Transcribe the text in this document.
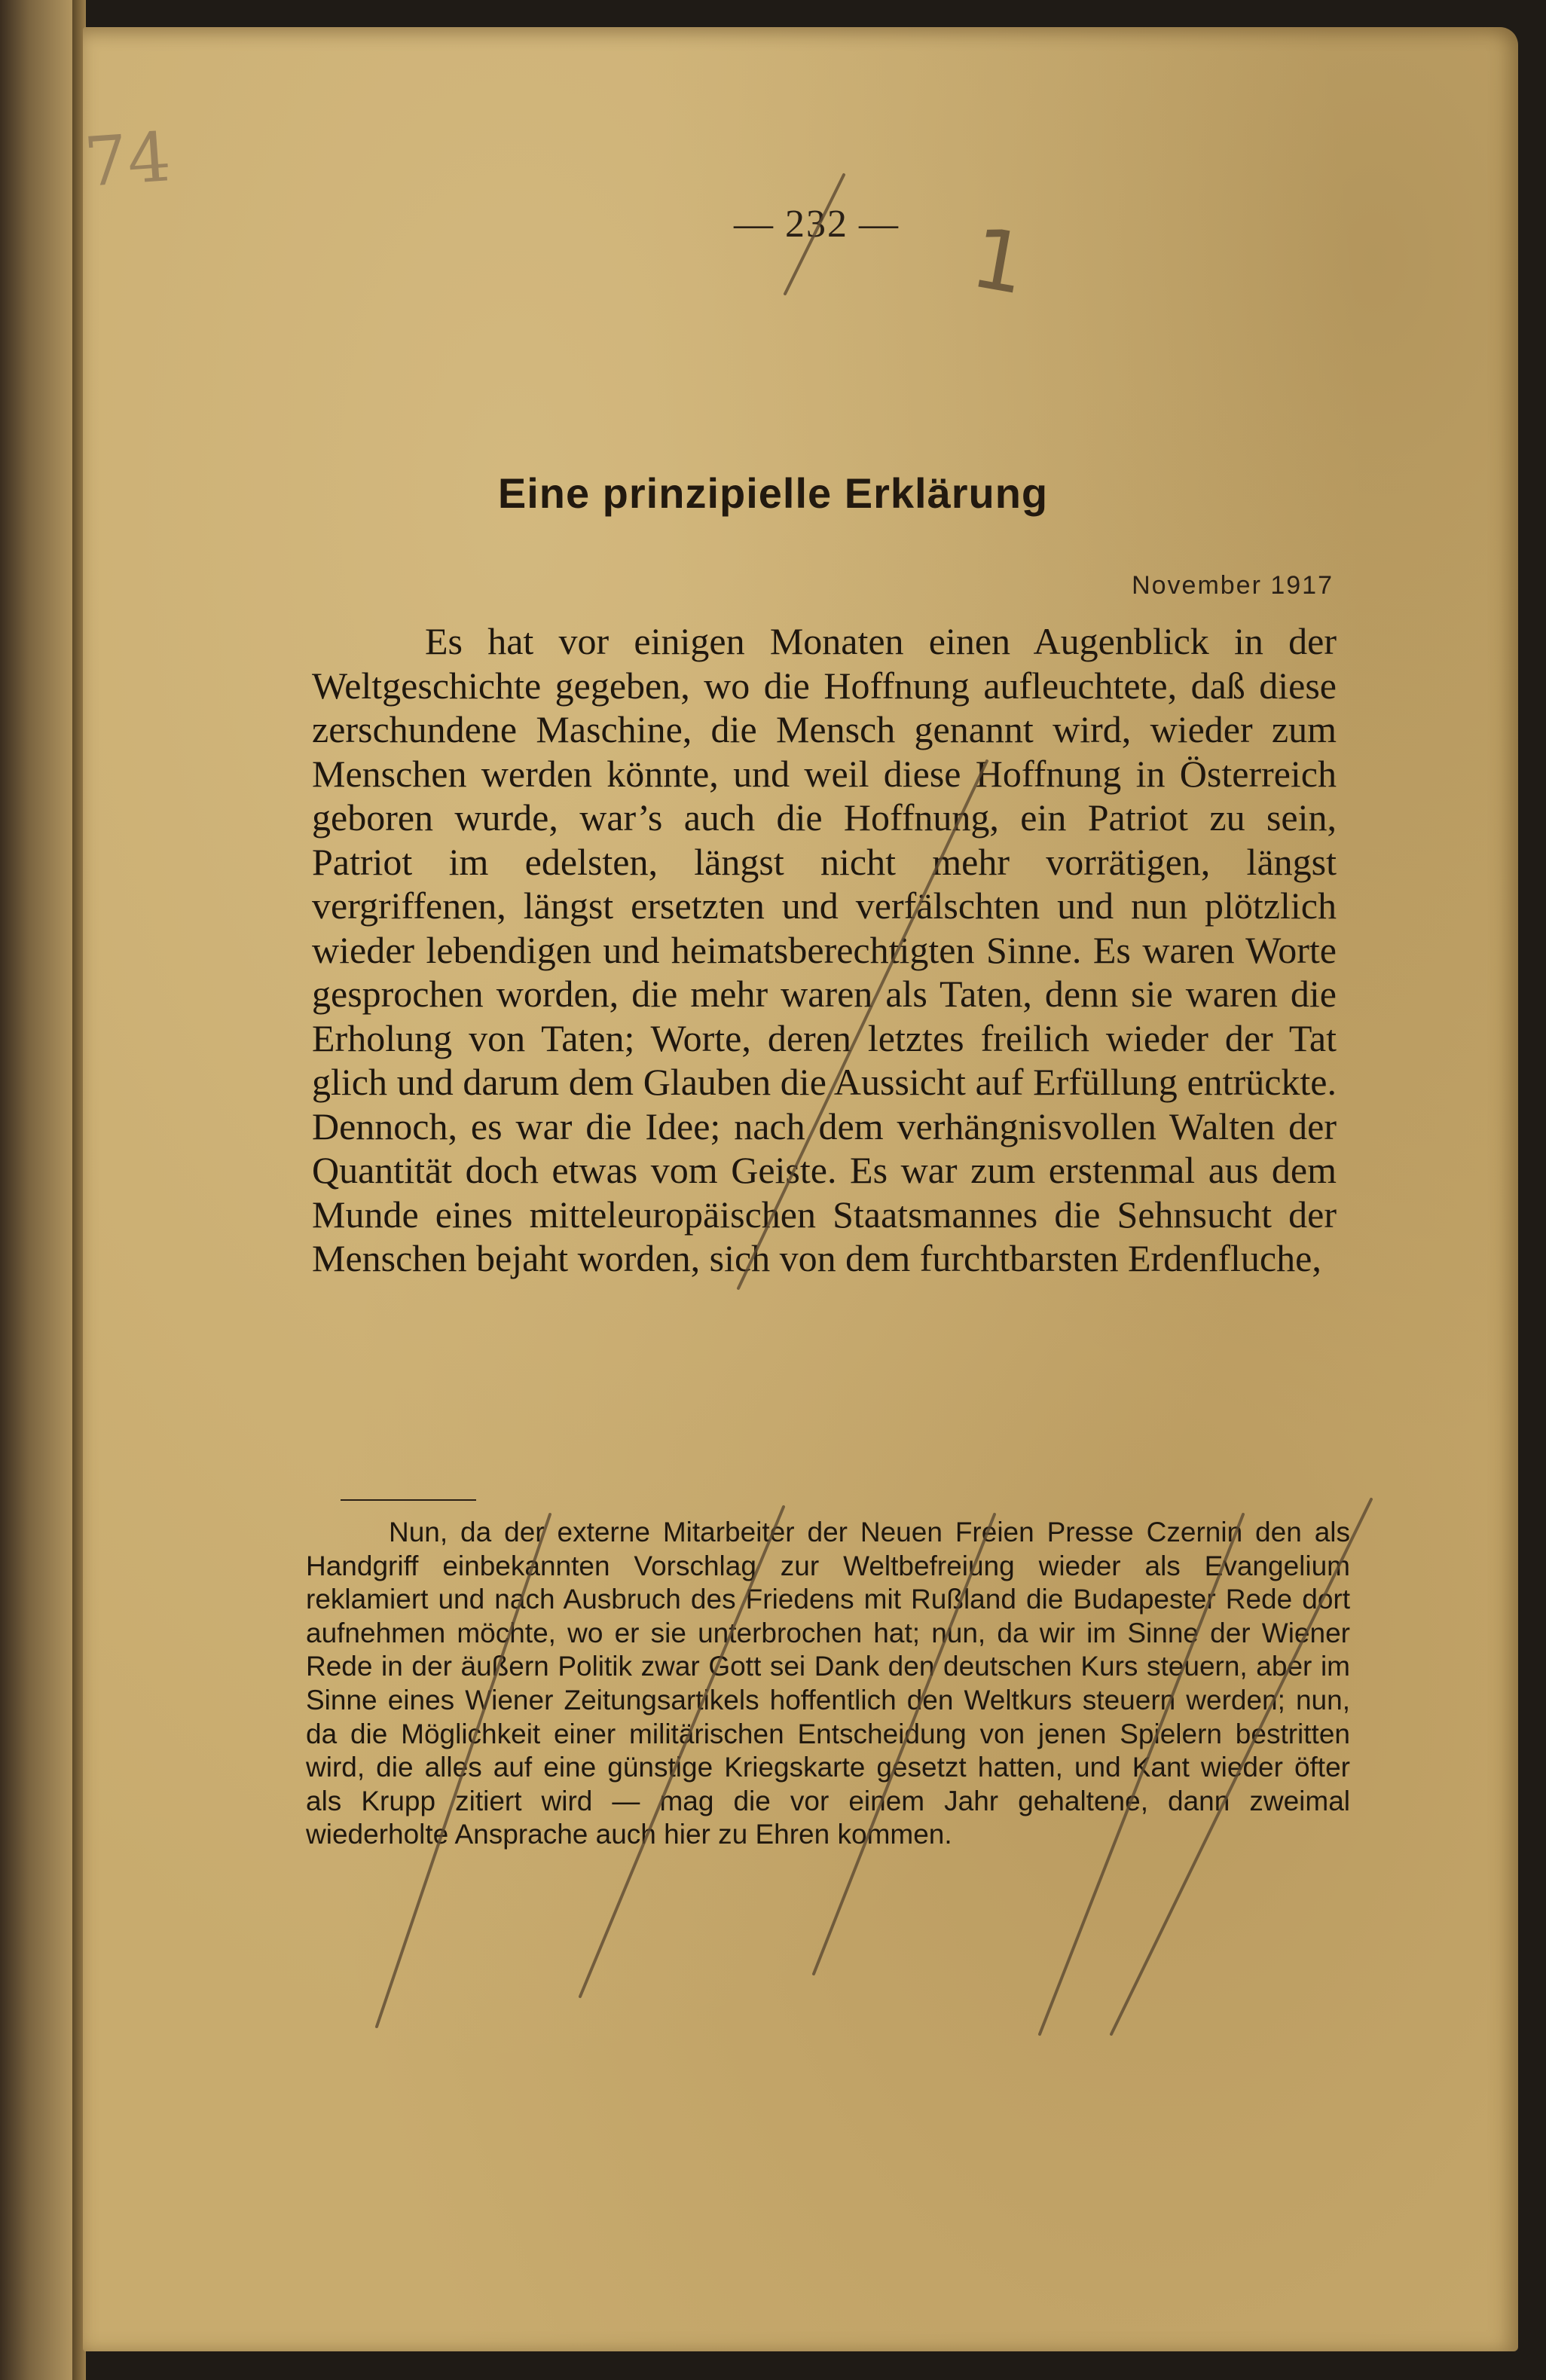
74
— 232 —
Eine prinzipielle Erklärung
November 1917

Es hat vor einigen Monaten einen Augenblick in der Weltgeschichte gegeben, wo die Hoffnung aufleuchtete, daß diese zerschundene Maschine, die Mensch genannt wird, wieder zum Menschen werden könnte, und weil diese Hoffnung in Österreich geboren wurde, war’s auch die Hoffnung, ein Patriot zu sein, Patriot im edelsten, längst nicht mehr vorrätigen, längst vergriffenen, längst ersetzten und verfälschten und nun plötzlich wieder lebendigen und heimatsberechtigten Sinne. Es waren Worte gesprochen worden, die mehr waren als Taten, denn sie waren die Erholung von Taten; Worte, deren letztes freilich wieder der Tat glich und darum dem Glauben die Aussicht auf Erfüllung entrückte. Dennoch, es war die Idee; nach dem verhängnisvollen Walten der Quantität doch etwas vom Geiste. Es war zum erstenmal aus dem Munde eines mitteleuropäischen Staatsmannes die Sehnsucht der Menschen bejaht worden, sich von dem furchtbarsten Erdenfluche,

Nun, da der externe Mitarbeiter der Neuen Freien Presse Czernin den als Handgriff einbekannten Vorschlag zur Weltbefreiung wieder als Evangelium reklamiert und nach Ausbruch des Friedens mit Rußland die Budapester Rede dort aufnehmen möchte, wo er sie unterbrochen hat; nun, da wir im Sinne der Wiener Rede in der äußern Politik zwar Gott sei Dank den deutschen Kurs steuern, aber im Sinne eines Wiener Zeitungsartikels hoffentlich den Weltkurs steuern werden; nun, da die Möglichkeit einer militärischen Entscheidung von jenen Spielern bestritten wird, die alles auf eine günstige Kriegskarte gesetzt hatten, und Kant wieder öfter als Krupp zitiert wird — mag die vor einem Jahr gehaltene, dann zweimal wiederholte Ansprache auch hier zu Ehren kommen.

1
